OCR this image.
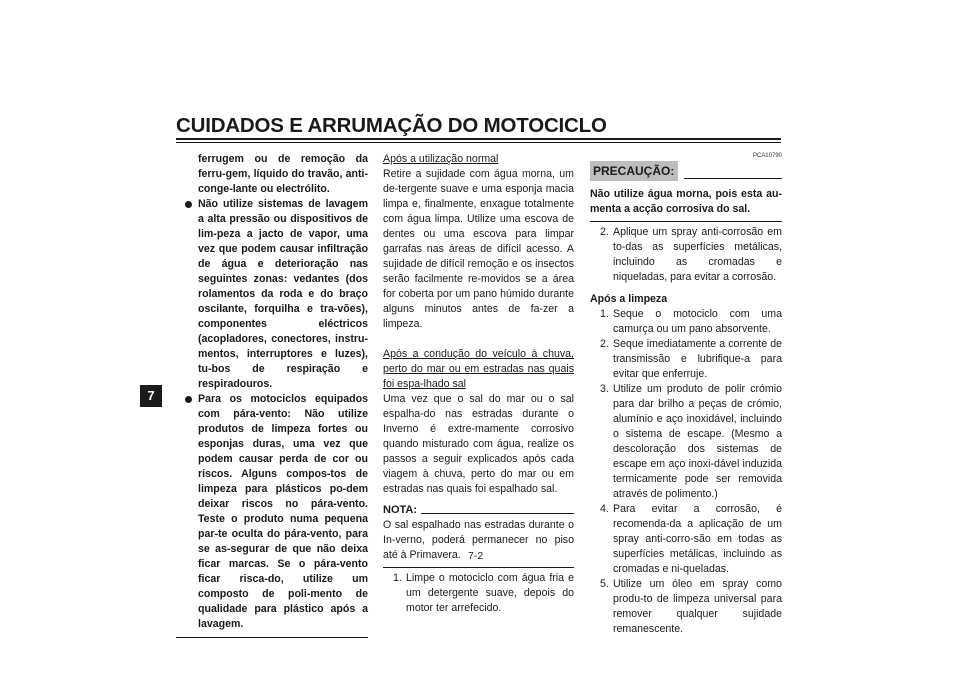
CUIDADOS E ARRUMAÇÃO DO MOTOCICLO
7

ferrugem ou de remoção da ferru-gem, líquido do travão, anti-conge-lante ou electrólito.

Não utilize sistemas de lavagem a alta pressão ou dispositivos de lim-peza a jacto de vapor, uma vez que podem causar infiltração de água e deterioração nas seguintes zonas: vedantes (dos rolamentos da roda e do braço oscilante, forquilha e tra-vões), componentes eléctricos (acopladores, conectores, instru-mentos, interruptores e luzes), tu-bos de respiração e respiradouros.
Para os motociclos equipados com pára-vento: Não utilize produtos de limpeza fortes ou esponjas duras, uma vez que podem causar perda de cor ou riscos. Alguns compos-tos de limpeza para plásticos po-dem deixar riscos no pára-vento. Teste o produto numa pequena par-te oculta do pára-vento, para se as-segurar de que não deixa ficar marcas. Se o pára-vento ficar risca-do, utilize um composto de poli-mento de qualidade para plástico após a lavagem.

Após a utilização normal

Retire a sujidade com água morna, um de-tergente suave e uma esponja macia limpa e, finalmente, enxague totalmente com água limpa. Utilize uma escova de dentes ou uma escova para limpar garrafas nas áreas de difícil acesso. A sujidade de difícil remoção e os insectos serão facilmente re-movidos se a área for coberta por um pano húmido durante alguns minutos antes de fa-zer a limpeza.

Após a condução do veículo à chuva, perto do mar ou em estradas nas quais foi espa-lhado sal

Uma vez que o sal do mar ou o sal espalha-do nas estradas durante o Inverno é extre-mamente corrosivo quando misturado com água, realize os passos a seguir explicados após cada viagem à chuva, perto do mar ou em estradas nas quais foi espalhado sal.

NOTA:

O sal espalhado nas estradas durante o In-verno, poderá permanecer no piso até à Primavera.

1. Limpe o motociclo com água fria e um detergente suave, depois do motor ter arrefecido.
PCA10790
PRECAUÇÃO:

Não utilize água morna, pois esta au-menta a acção corrosiva do sal.

2. Aplique um spray anti-corrosão em to-das as superfícies metálicas, incluindo as cromadas e niqueladas, para evitar a corrosão.

Após a limpeza

1. Seque o motociclo com uma camurça ou um pano absorvente.
2. Seque imediatamente a corrente de transmissão e lubrifique-a para evitar que enferruje.
3. Utilize um produto de polir crómio para dar brilho a peças de crómio, alumínio e aço inoxidável, incluindo o sistema de escape. (Mesmo a descoloração dos sistemas de escape em aço inoxi-dável induzida termicamente pode ser removida através de polimento.)
4. Para evitar a corrosão, é recomenda-da a aplicação de um spray anti-corro-são em todas as superfícies metálicas, incluindo as cromadas e ni-queladas.
5. Utilize um óleo em spray como produ-to de limpeza universal para remover qualquer sujidade remanescente.
7-2
